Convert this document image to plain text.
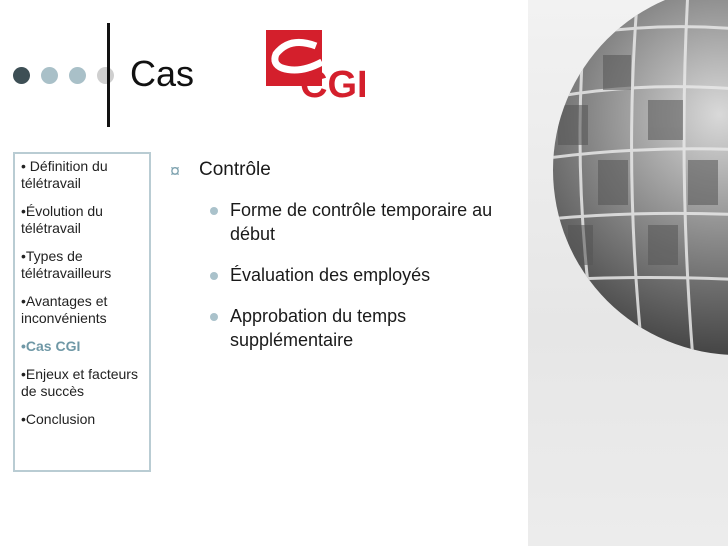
Cas	CGI
• Définition du télétravail
•Évolution du télétravail
•Types de télétravailleurs
•Avantages et inconvénients
•Cas CGI
•Enjeux et facteurs de succès
•Conclusion
¤ Contrôle
Forme de contrôle temporaire au début
Évaluation des employés
Approbation du temps supplémentaire
